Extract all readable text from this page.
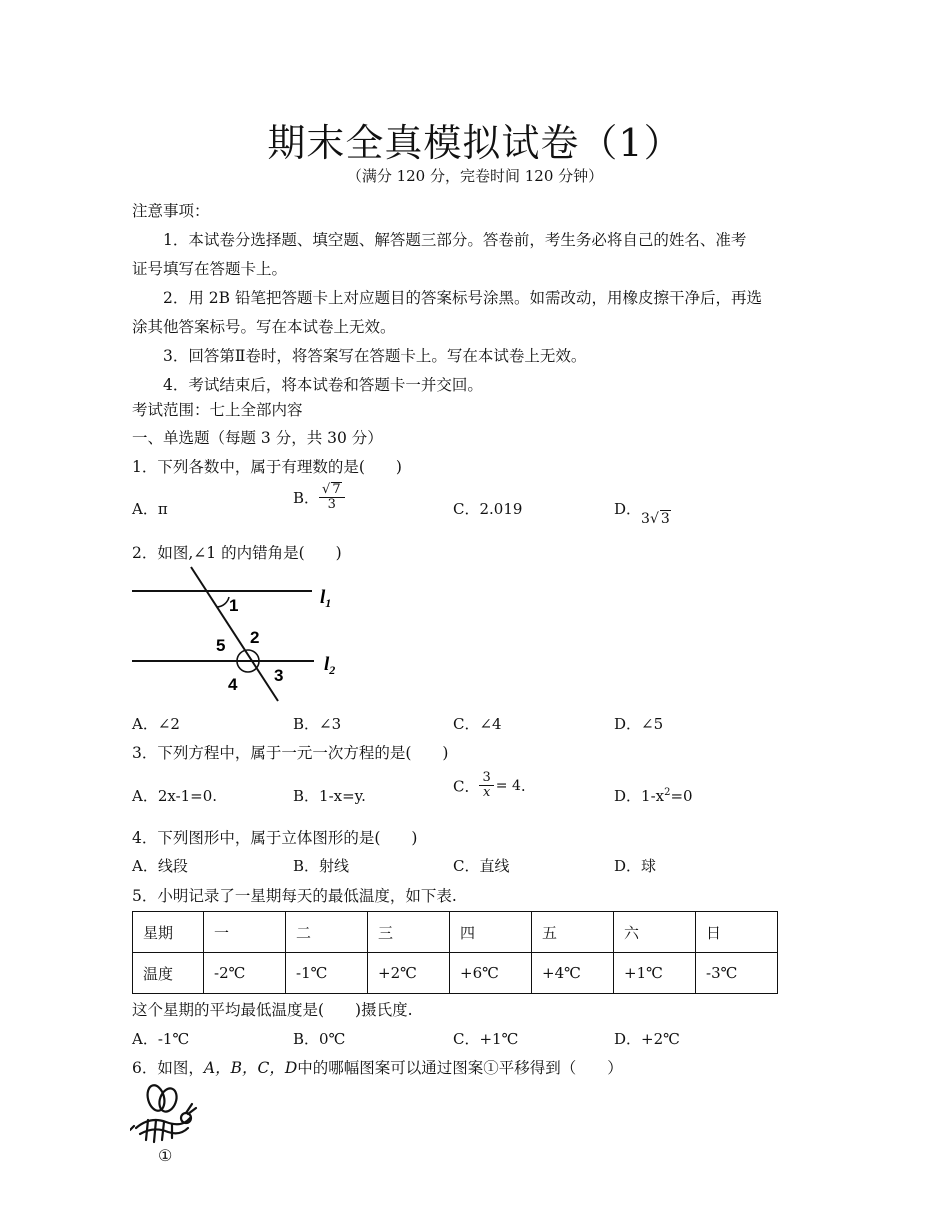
期末全真模拟试卷（1）
（满分 120 分，完卷时间 120 分钟）
注意事项：
1．本试卷分选择题、填空题、解答题三部分。答卷前，考生务必将自己的姓名、准考
证号填写在答题卡上。
2．用 2B 铅笔把答题卡上对应题目的答案标号涂黑。如需改动，用橡皮擦干净后，再选
涂其他答案标号。写在本试卷上无效。
3．回答第Ⅱ卷时，将答案写在答题卡上。写在本试卷上无效。
4．考试结束后，将本试卷和答题卡一并交回。
考试范围：七上全部内容
一、单选题（每题 3 分，共 30 分）
1．下列各数中，属于有理数的是(　　)
A．π
B． $\frac{√ 7}{3}$	C．2.019	D．3√ 3
2．如图,∠1 的内错角是(　　)
1
2
5
3
4
$l_1$
$l_2$
A．∠2	B．∠3	C．∠4	D．∠5
3．下列方程中，属于一元一次方程的是(　　)
A．2x-1=0.	B．1-x=y.
C． $\frac{3}{x} = 4$.
D．$1-x^2=0$
4．下列图形中，属于立体图形的是(　　)
A．线段	B．射线	C．直线	D．球
5．小明记录了一星期每天的最低温度，如下表.
星期	一	二	三	四	五	六	日
温度	-2℃	-1℃	+2℃	+6℃	+4℃	+1℃	-3℃
这个星期的平均最低温度是(　　)摄氏度.
A．-1℃	B．0℃	C．+1℃	D．+2℃
6．如图，A，B，C，D中的哪幅图案可以通过图案①平移得到（　　）
①
